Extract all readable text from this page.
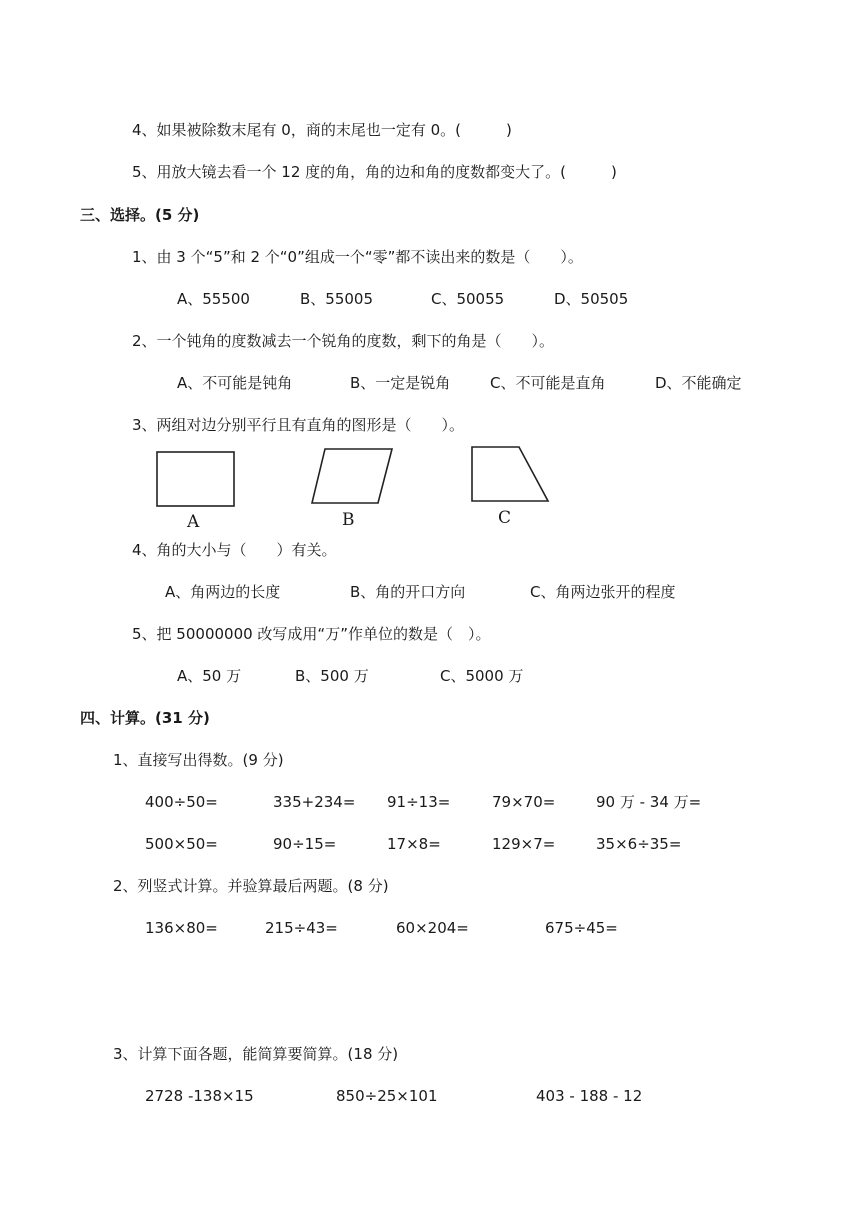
4、如果被除数末尾有 0，商的末尾也一定有 0。(　　　)
5、用放大镜去看一个 12 度的角，角的边和角的度数都变大了。(　　　)
三、选择。(5 分)
1、由 3 个“5”和 2 个“0”组成一个“零”都不读出来的数是（　　）。
A、55500	B、55005	C、50055	D、50505
2、一个钝角的度数减去一个锐角的度数，剩下的角是（　　）。
A、不可能是钝角	B、一定是锐角	C、不可能是直角	D、不能确定
3、两组对边分别平行且有直角的图形是（　　）。
A	B	C
4、角的大小与（　　）有关。
A、角两边的长度	B、角的开口方向	C、角两边张开的程度
5、把 50000000 改写成用“万”作单位的数是（　）。
A、50 万	B、500 万	C、5000 万
四、计算。(31 分)
1、直接写出得数。(9 分)
400÷50=	335+234= 91÷13=	79×70=	90 万 - 34 万=
500×50=	90÷15=	17×8=	129×7=	35×6÷35=
2、列竖式计算。并验算最后两题。(8 分)
136×80=	215÷43=	60×204=	675÷45=
3、计算下面各题，能简算要简算。(18 分)
2728 -138×15	850÷25×101	403 - 188 - 12
